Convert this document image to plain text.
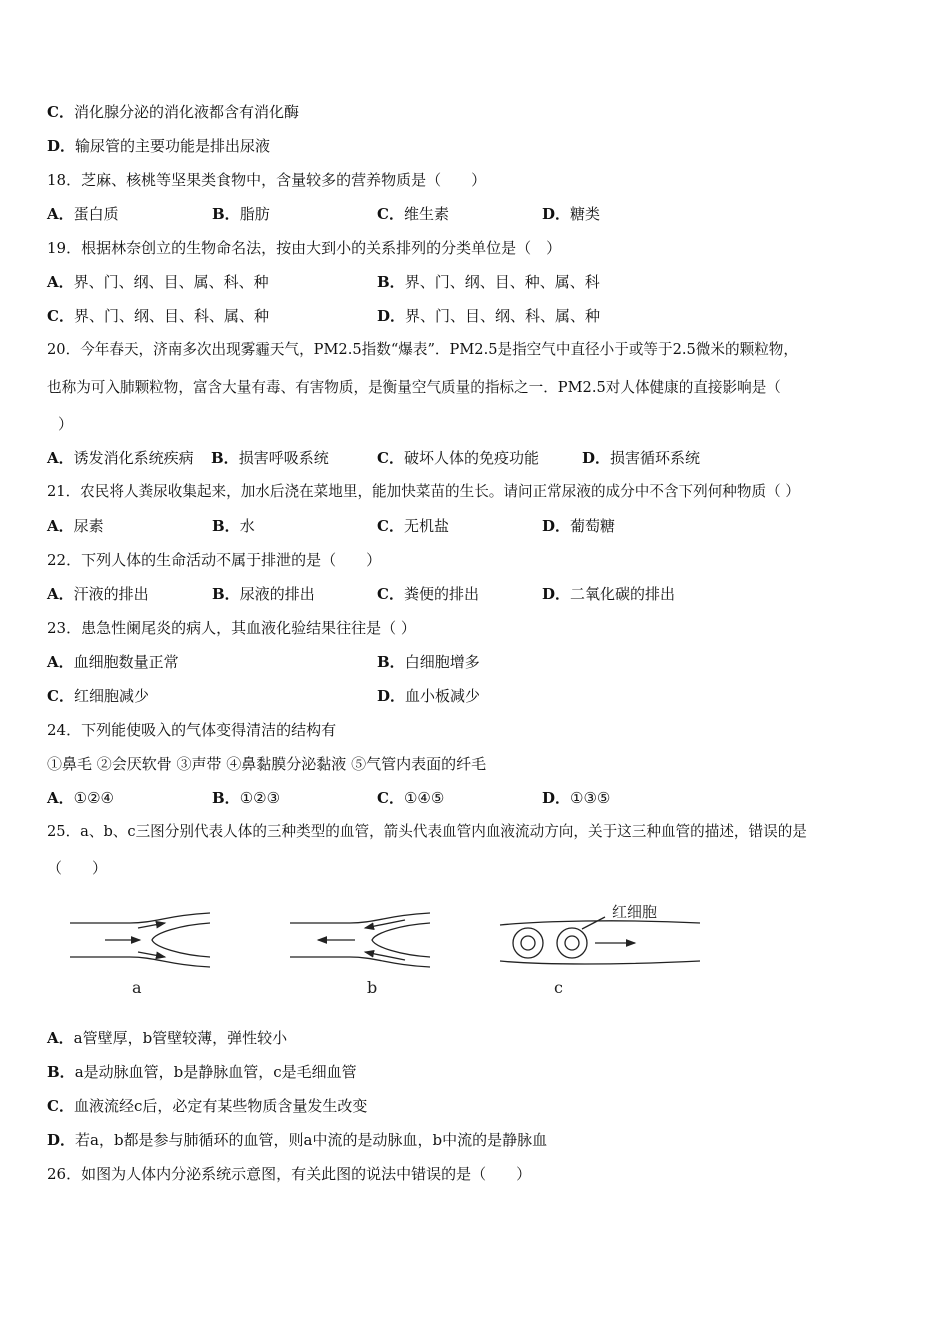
C．消化腺分泌的消化液都含有消化酶
D．输尿管的主要功能是排出尿液
18．芝麻、核桃等坚果类食物中，含量较多的营养物质是（　　）
A．蛋白质	B．脂肪	C．维生素	D．糖类
19．根据林奈创立的生物命名法，按由大到小的关系排列的分类单位是（　）
A．界、门、纲、目、属、科、种	B．界、门、纲、目、种、属、科
C．界、门、纲、目、科、属、种	D．界、门、目、纲、科、属、种
20．今年春天，济南多次出现雾霾天气，PM2.5指数“爆表”．PM2.5是指空气中直径小于或等于2.5微米的颗粒物，
也称为可入肺颗粒物，富含大量有毒、有害物质，是衡量空气质量的指标之一．PM2.5对人体健康的直接影响是（
）
A．诱发消化系统疾病 B．损害呼吸系统	C．破坏人体的免疫功能	D．损害循环系统
21．农民将人粪尿收集起来，加水后浇在菜地里，能加快菜苗的生长。请问正常尿液的成分中不含下列何种物质（ ）
A．尿素	B．水	C．无机盐	D．葡萄糖
22．下列人体的生命活动不属于排泄的是（　　）
A．汗液的排出	B．尿液的排出	C．粪便的排出	D．二氧化碳的排出
23．患急性阑尾炎的病人，其血液化验结果往往是（ ）
A．血细胞数量正常	B．白细胞增多
C．红细胞减少	D．血小板减少
24．下列能使吸入的气体变得清洁的结构有
①鼻毛 ②会厌软骨 ③声带 ④鼻黏膜分泌黏液 ⑤气管内表面的纤毛
A．①②④	B．①②③	C．①④⑤	D．①③⑤
25．a、b、c三图分别代表人体的三种类型的血管，箭头代表血管内血液流动方向，关于这三种血管的描述，错误的是
（　　）
a	b
红细胞
c
A．a管壁厚，b管壁较薄，弹性较小
B．a是动脉血管，b是静脉血管，c是毛细血管
C．血液流经c后，必定有某些物质含量发生改变
D．若a，b都是参与肺循环的血管，则a中流的是动脉血，b中流的是静脉血
26．如图为人体内分泌系统示意图，有关此图的说法中错误的是（　　）
